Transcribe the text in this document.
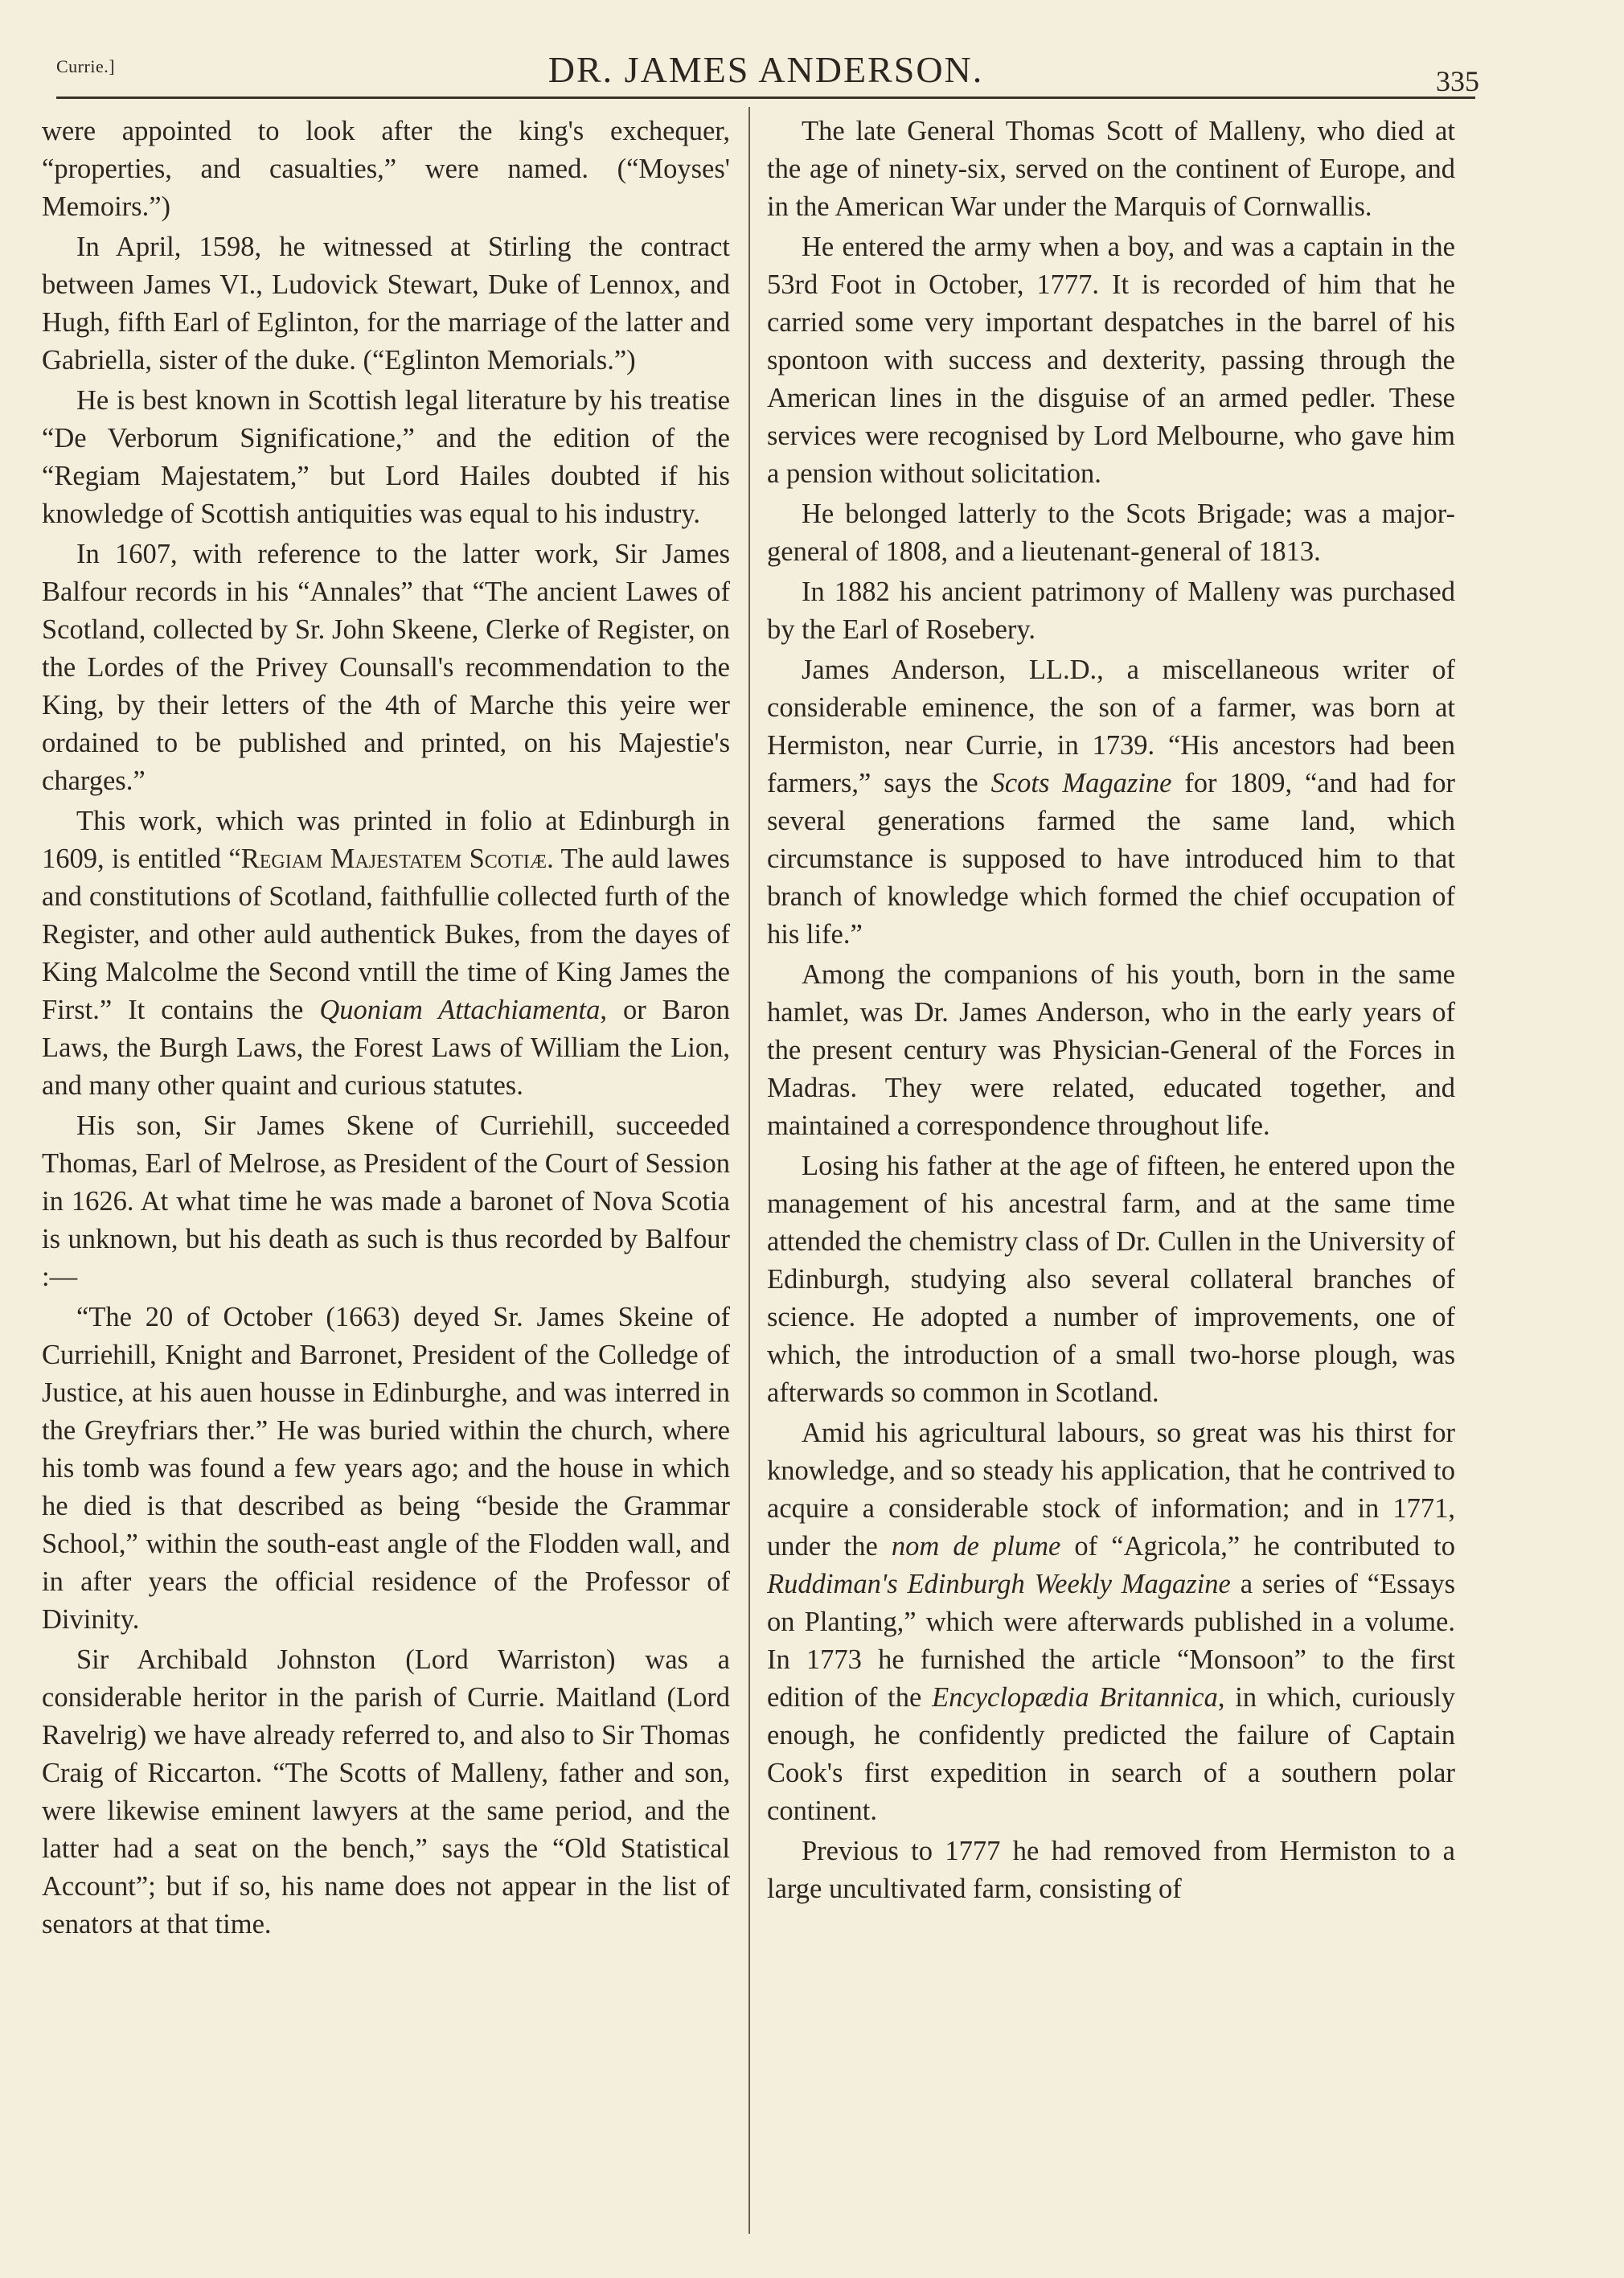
Currie.]	DR. JAMES ANDERSON.	335

were appointed to look after the king's exchequer, “properties, and casualties,” were named. (“Moyses' Memoirs.”)

In April, 1598, he witnessed at Stirling the contract between James VI., Ludovick Stewart, Duke of Lennox, and Hugh, fifth Earl of Eglinton, for the marriage of the latter and Gabriella, sister of the duke. (“Eglinton Memorials.”)

He is best known in Scottish legal literature by his treatise “De Verborum Significatione,” and the edition of the “Regiam Majestatem,” but Lord Hailes doubted if his knowledge of Scottish antiquities was equal to his industry.

In 1607, with reference to the latter work, Sir James Balfour records in his “Annales” that “The ancient Lawes of Scotland, collected by Sr. John Skeene, Clerke of Register, on the Lordes of the Privey Counsall's recommendation to the King, by their letters of the 4th of Marche this yeire wer ordained to be published and printed, on his Majestie's charges.”

This work, which was printed in folio at Edinburgh in 1609, is entitled “Regiam Majestatem Scotiæ. The auld lawes and constitutions of Scotland, faithfullie collected furth of the Register, and other auld authentick Bukes, from the dayes of King Malcolme the Second vntill the time of King James the First.” It contains the Quoniam Attachiamenta, or Baron Laws, the Burgh Laws, the Forest Laws of William the Lion, and many other quaint and curious statutes.

His son, Sir James Skene of Curriehill, succeeded Thomas, Earl of Melrose, as President of the Court of Session in 1626. At what time he was made a baronet of Nova Scotia is unknown, but his death as such is thus recorded by Balfour :—

“The 20 of October (1663) deyed Sr. James Skeine of Curriehill, Knight and Barronet, President of the Colledge of Justice, at his auen housse in Edinburghe, and was interred in the Greyfriars ther.” He was buried within the church, where his tomb was found a few years ago; and the house in which he died is that described as being “beside the Grammar School,” within the south-east angle of the Flodden wall, and in after years the official residence of the Professor of Divinity.

Sir Archibald Johnston (Lord Warriston) was a considerable heritor in the parish of Currie. Maitland (Lord Ravelrig) we have already referred to, and also to Sir Thomas Craig of Riccarton. “The Scotts of Malleny, father and son, were likewise eminent lawyers at the same period, and the latter had a seat on the bench,” says the “Old Statistical Account”; but if so, his name does not appear in the list of senators at that time.

The late General Thomas Scott of Malleny, who died at the age of ninety-six, served on the continent of Europe, and in the American War under the Marquis of Cornwallis.

He entered the army when a boy, and was a captain in the 53rd Foot in October, 1777. It is recorded of him that he carried some very important despatches in the barrel of his spontoon with success and dexterity, passing through the American lines in the disguise of an armed pedler. These services were recognised by Lord Melbourne, who gave him a pension without solicitation.

He belonged latterly to the Scots Brigade; was a major-general of 1808, and a lieutenant-general of 1813.

In 1882 his ancient patrimony of Malleny was purchased by the Earl of Rosebery.

James Anderson, LL.D., a miscellaneous writer of considerable eminence, the son of a farmer, was born at Hermiston, near Currie, in 1739. “His ancestors had been farmers,” says the Scots Magazine for 1809, “and had for several generations farmed the same land, which circumstance is supposed to have introduced him to that branch of knowledge which formed the chief occupation of his life.”

Among the companions of his youth, born in the same hamlet, was Dr. James Anderson, who in the early years of the present century was Physician-General of the Forces in Madras. They were related, educated together, and maintained a correspondence throughout life.

Losing his father at the age of fifteen, he entered upon the management of his ancestral farm, and at the same time attended the chemistry class of Dr. Cullen in the University of Edinburgh, studying also several collateral branches of science. He adopted a number of improvements, one of which, the introduction of a small two-horse plough, was afterwards so common in Scotland.

Amid his agricultural labours, so great was his thirst for knowledge, and so steady his application, that he contrived to acquire a considerable stock of information; and in 1771, under the nom de plume of “Agricola,” he contributed to Ruddiman's Edinburgh Weekly Magazine a series of “Essays on Planting,” which were afterwards published in a volume. In 1773 he furnished the article “Monsoon” to the first edition of the Encyclopædia Britannica, in which, curiously enough, he confidently predicted the failure of Captain Cook's first expedition in search of a southern polar continent.

Previous to 1777 he had removed from Hermiston to a large uncultivated farm, consisting of
